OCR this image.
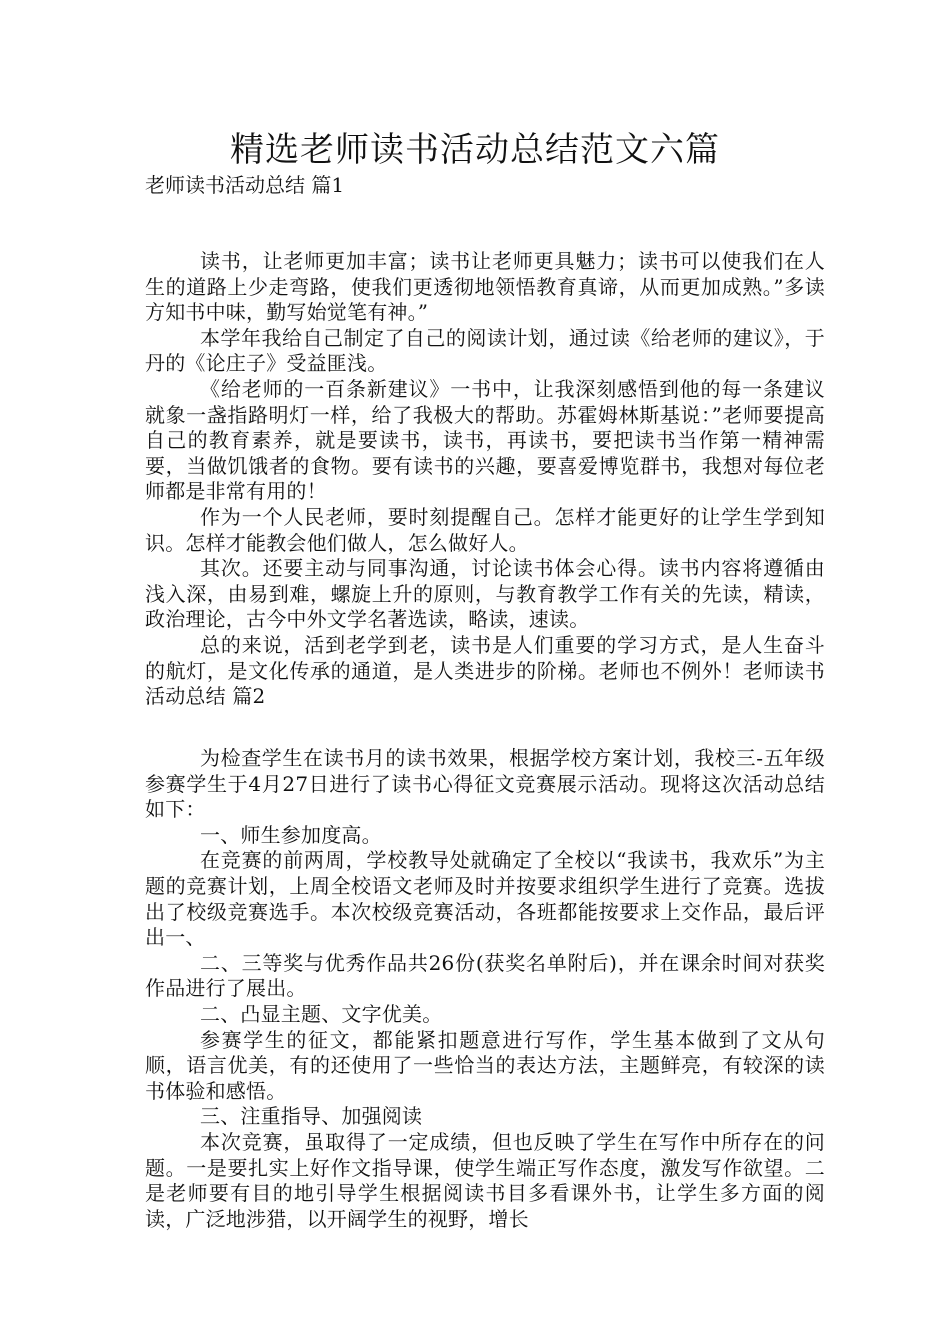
精选老师读书活动总结范文六篇
老师读书活动总结 篇1

读书，让老师更加丰富；读书让老师更具魅力；读书可以使我们在人生的道路上少走弯路，使我们更透彻地领悟教育真谛，从而更加成熟。”多读方知书中味，勤写始觉笔有神。”

本学年我给自己制定了自己的阅读计划，通过读《给老师的建议》，于丹的《论庄子》受益匪浅。

《给老师的一百条新建议》一书中，让我深刻感悟到他的每一条建议就象一盏指路明灯一样，给了我极大的帮助。苏霍姆林斯基说：”老师要提高自己的教育素养，就是要读书，读书，再读书，要把读书当作第一精神需要，当做饥饿者的食物。要有读书的兴趣，要喜爱博览群书，我想对每位老师都是非常有用的！

作为一个人民老师，要时刻提醒自己。怎样才能更好的让学生学到知识。怎样才能教会他们做人，怎么做好人。

其次。还要主动与同事沟通，讨论读书体会心得。读书内容将遵循由浅入深，由易到难，螺旋上升的原则，与教育教学工作有关的先读，精读，政治理论，古今中外文学名著选读，略读，速读。

总的来说，活到老学到老，读书是人们重要的学习方式，是人生奋斗的航灯，是文化传承的通道，是人类进步的阶梯。老师也不例外！老师读书活动总结 篇2

为检查学生在读书月的读书效果，根据学校方案计划，我校三-五年级参赛学生于4月27日进行了读书心得征文竞赛展示活动。现将这次活动总结如下：

一、师生参加度高。

在竞赛的前两周，学校教导处就确定了全校以“我读书，我欢乐”为主题的竞赛计划，上周全校语文老师及时并按要求组织学生进行了竞赛。选拔出了校级竞赛选手。本次校级竞赛活动，各班都能按要求上交作品，最后评出一、

二、三等奖与优秀作品共26份(获奖名单附后)，并在课余时间对获奖作品进行了展出。

二、凸显主题、文字优美。

参赛学生的征文，都能紧扣题意进行写作，学生基本做到了文从句顺，语言优美，有的还使用了一些恰当的表达方法，主题鲜亮，有较深的读书体验和感悟。

三、注重指导、加强阅读

本次竞赛，虽取得了一定成绩，但也反映了学生在写作中所存在的问题。一是要扎实上好作文指导课，使学生端正写作态度，激发写作欲望。二是老师要有目的地引导学生根据阅读书目多看课外书，让学生多方面的阅读，广泛地涉猎，以开阔学生的视野，增长
